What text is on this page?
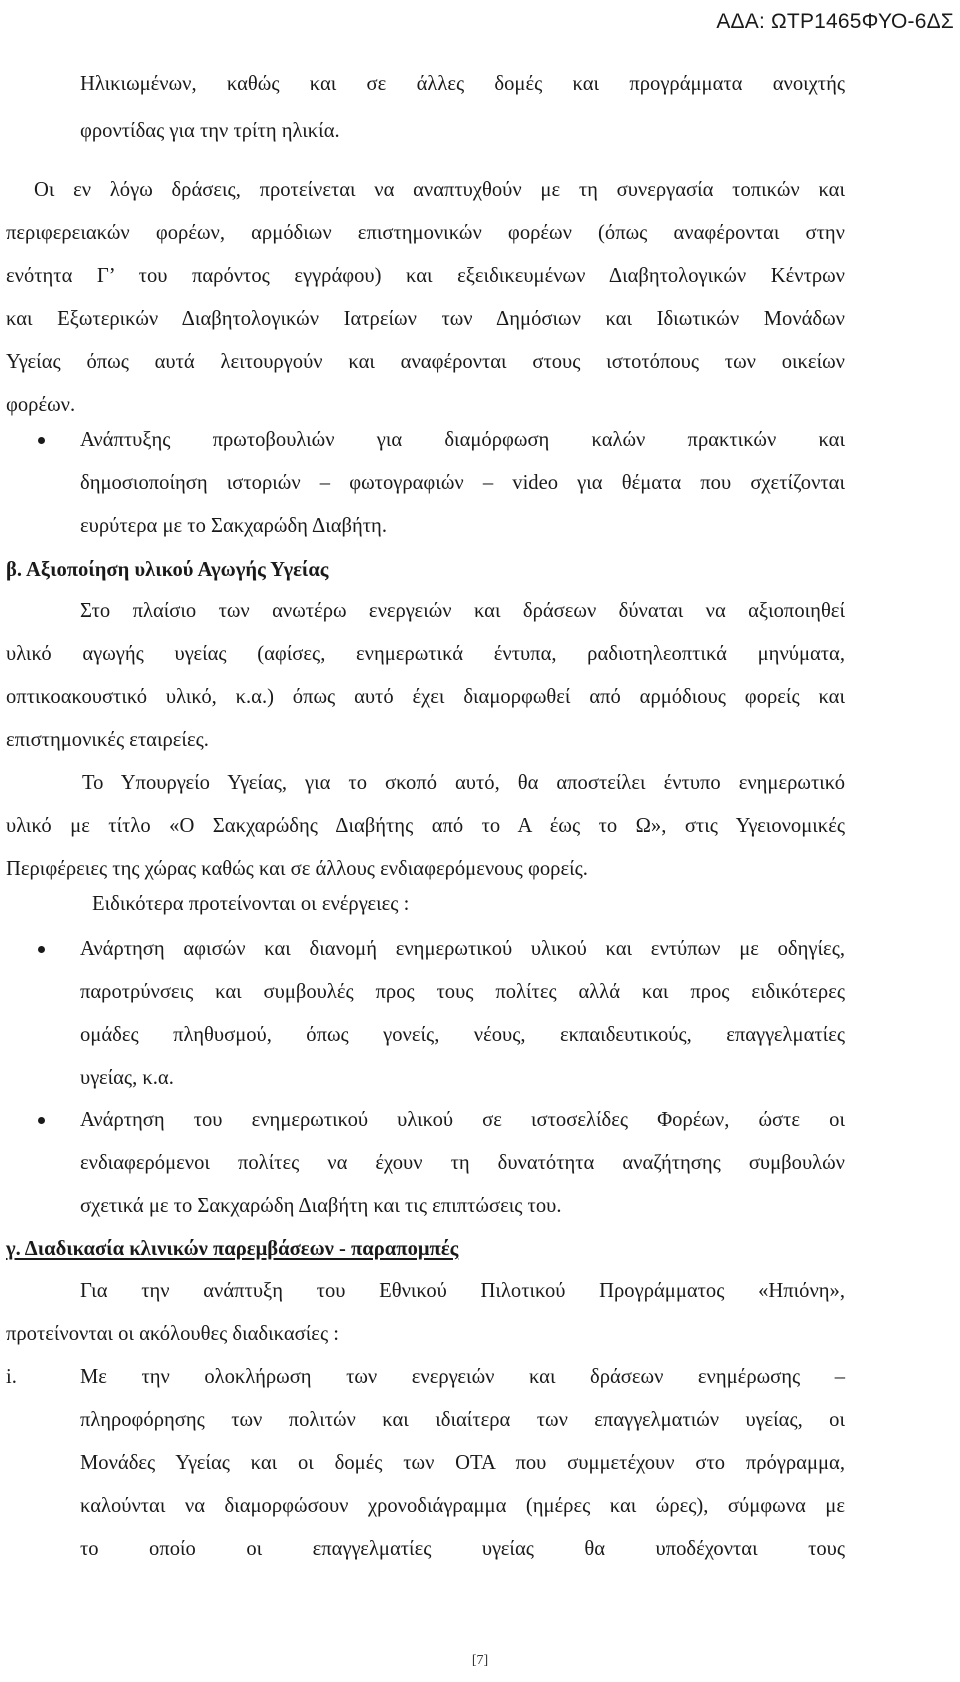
ΑΔΑ: ΩΤΡ1465ΦΥΟ-6ΔΣ
Ηλικιωμένων, καθώς και σε άλλες δομές και προγράμματα ανοιχτής
φροντίδας για την τρίτη ηλικία.
Οι εν λόγω δράσεις, προτείνεται να αναπτυχθούν με τη συνεργασία τοπικών και
περιφερειακών φορέων, αρμόδιων επιστημονικών φορέων (όπως αναφέρονται στην
ενότητα Γ’ του παρόντος εγγράφου) και εξειδικευμένων Διαβητολογικών Κέντρων
και Εξωτερικών Διαβητολογικών Ιατρείων των Δημόσιων και Ιδιωτικών Μονάδων
Υγείας όπως αυτά λειτουργούν και αναφέρονται στους ιστοτόπους των οικείων
φορέων.
Ανάπτυξης πρωτοβουλιών για διαμόρφωση καλών πρακτικών και
δημοσιοποίηση ιστοριών – φωτογραφιών – video για θέματα που σχετίζονται
ευρύτερα με το Σακχαρώδη Διαβήτη.
β. Αξιοποίηση υλικού Αγωγής Υγείας
Στο πλαίσιο των ανωτέρω ενεργειών και δράσεων δύναται να αξιοποιηθεί
υλικό αγωγής υγείας (αφίσες, ενημερωτικά έντυπα, ραδιοτηλεοπτικά μηνύματα,
οπτικοακουστικό υλικό, κ.α.) όπως αυτό έχει διαμορφωθεί από αρμόδιους φορείς και
επιστημονικές εταιρείες.
Το Υπουργείο Υγείας, για το σκοπό αυτό, θα αποστείλει έντυπο ενημερωτικό
υλικό με τίτλο «Ο Σακχαρώδης Διαβήτης από το Α έως το Ω», στις Υγειονομικές
Περιφέρειες της χώρας καθώς και σε άλλους ενδιαφερόμενους φορείς.
Ειδικότερα προτείνονται οι ενέργειες :
Ανάρτηση αφισών και διανομή ενημερωτικού υλικού και εντύπων με οδηγίες,
παροτρύνσεις και συμβουλές προς τους πολίτες αλλά και προς ειδικότερες
ομάδες πληθυσμού, όπως γονείς, νέους, εκπαιδευτικούς, επαγγελματίες
υγείας, κ.α.
Ανάρτηση του ενημερωτικού υλικού σε ιστοσελίδες Φορέων, ώστε οι
ενδιαφερόμενοι πολίτες να έχουν τη δυνατότητα αναζήτησης συμβουλών
σχετικά με το Σακχαρώδη Διαβήτη και τις επιπτώσεις του.
γ. Διαδικασία κλινικών παρεμβάσεων - παραπομπές
Για την ανάπτυξη του Εθνικού Πιλοτικού Προγράμματος «Ηπιόνη»,
προτείνονται οι ακόλουθες διαδικασίες :
i.	Με την ολοκλήρωση των ενεργειών και δράσεων ενημέρωσης –
πληροφόρησης των πολιτών και ιδιαίτερα των επαγγελματιών υγείας, οι
Μονάδες Υγείας και οι δομές των ΟΤΑ που συμμετέχουν στο πρόγραμμα,
καλούνται να διαμορφώσουν χρονοδιάγραμμα (ημέρες και ώρες), σύμφωνα με
το οποίο οι επαγγελματίες υγείας θα υποδέχονται τους
[7]
